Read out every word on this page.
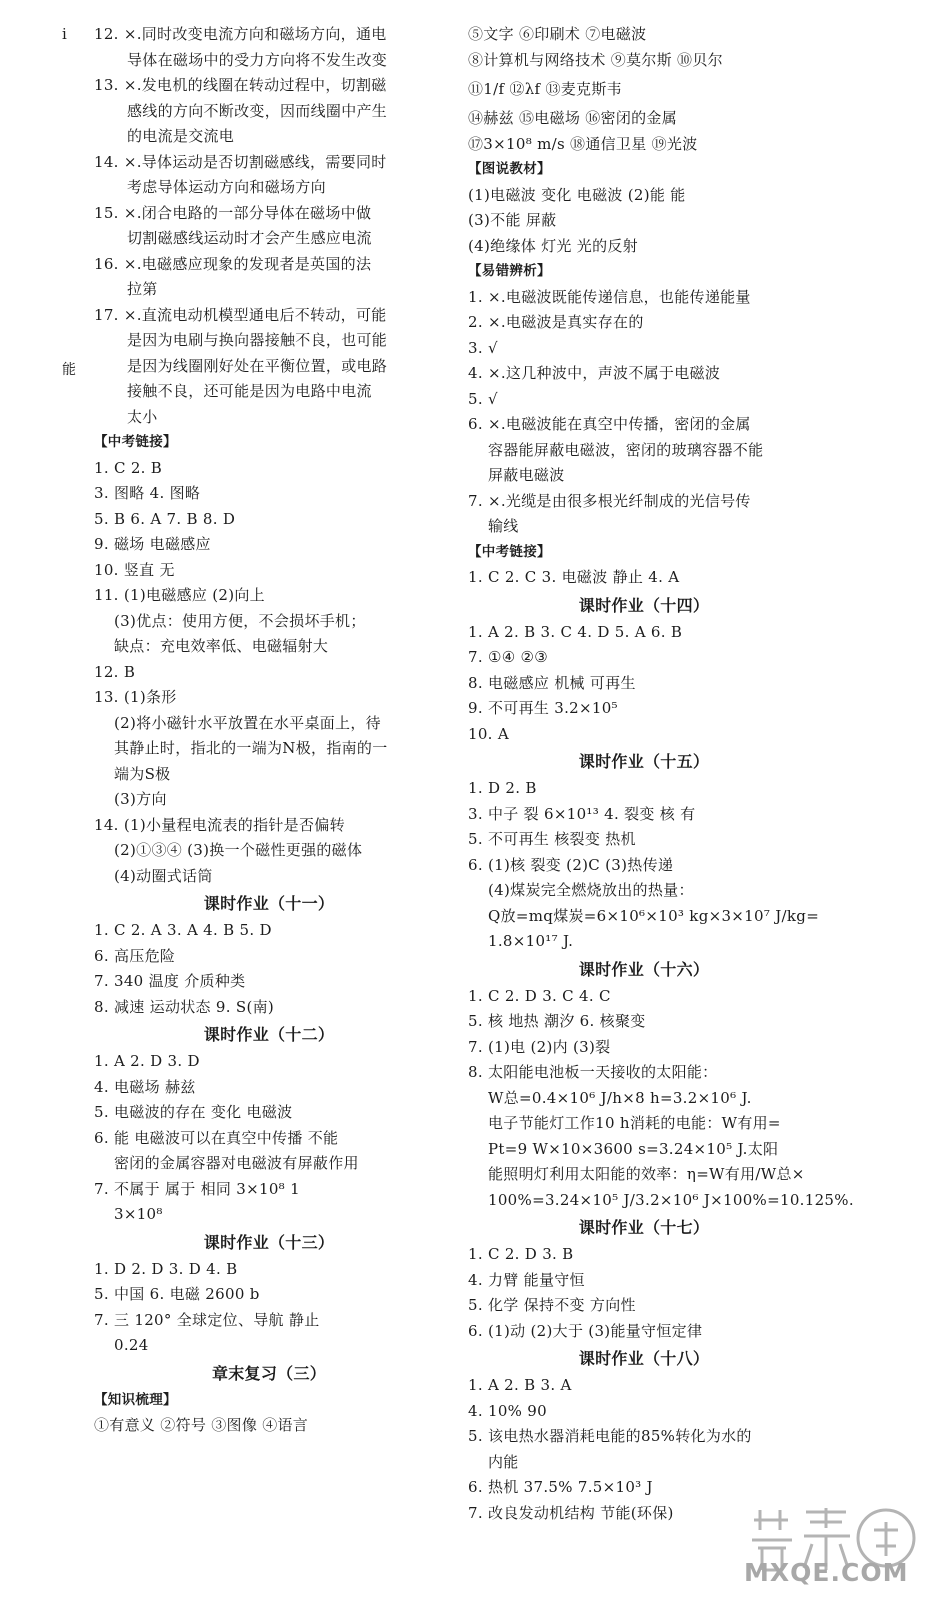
i
能
12. ×.同时改变电流方向和磁场方向，通电
导体在磁场中的受力方向将不发生改变
13. ×.发电机的线圈在转动过程中，切割磁
感线的方向不断改变，因而线圈中产生
的电流是交流电
14. ×.导体运动是否切割磁感线，需要同时
考虑导体运动方向和磁场方向
15. ×.闭合电路的一部分导体在磁场中做
切割磁感线运动时才会产生感应电流
16. ×.电磁感应现象的发现者是英国的法
拉第
17. ×.直流电动机模型通电后不转动，可能
是因为电刷与换向器接触不良，也可能
是因为线圈刚好处在平衡位置，或电路
接触不良，还可能是因为电路中电流
太小
【中考链接】
1. C 2. B
3. 图略 4. 图略
5. B 6. A 7. B 8. D
9. 磁场 电磁感应
10. 竖直 无
11. (1)电磁感应 (2)向上
(3)优点：使用方便，不会损坏手机；
缺点：充电效率低、电磁辐射大
12. B
13. (1)条形
(2)将小磁针水平放置在水平桌面上，待
其静止时，指北的一端为N极，指南的一
端为S极
(3)方向
14. (1)小量程电流表的指针是否偏转
(2)①③④ (3)换一个磁性更强的磁体
(4)动圈式话筒
课时作业（十一）
1. C 2. A 3. A 4. B 5. D
6. 高压危险
7. 340 温度 介质种类
8. 减速 运动状态 9. S(南)
课时作业（十二）
1. A 2. D 3. D
4. 电磁场 赫兹
5. 电磁波的存在 变化 电磁波
6. 能 电磁波可以在真空中传播 不能
密闭的金属容器对电磁波有屏蔽作用
7. 不属于 属于 相同 3×10⁸ 1
3×10⁸
课时作业（十三）
1. D 2. D 3. D 4. B
5. 中国 6. 电磁 2600 b
7. 三 120° 全球定位、导航 静止
0.24
章末复习（三）
【知识梳理】
①有意义 ②符号 ③图像 ④语言
⑤文字 ⑥印刷术 ⑦电磁波
⑧计算机与网络技术 ⑨莫尔斯 ⑩贝尔
⑪1/f ⑫λf ⑬麦克斯韦
⑭赫兹 ⑮电磁场 ⑯密闭的金属
⑰3×10⁸ m/s ⑱通信卫星 ⑲光波
【图说教材】
(1)电磁波 变化 电磁波 (2)能 能
(3)不能 屏蔽
(4)绝缘体 灯光 光的反射
【易错辨析】
1. ×.电磁波既能传递信息，也能传递能量
2. ×.电磁波是真实存在的
3. √
4. ×.这几种波中，声波不属于电磁波
5. √
6. ×.电磁波能在真空中传播，密闭的金属
容器能屏蔽电磁波，密闭的玻璃容器不能
屏蔽电磁波
7. ×.光缆是由很多根光纤制成的光信号传
输线
【中考链接】
1. C 2. C 3. 电磁波 静止 4. A
课时作业（十四）
1. A 2. B 3. C 4. D 5. A 6. B
7. ①④ ②③
8. 电磁感应 机械 可再生
9. 不可再生 3.2×10⁵
10. A
课时作业（十五）
1. D 2. B
3. 中子 裂 6×10¹³ 4. 裂变 核 有
5. 不可再生 核裂变 热机
6. (1)核 裂变 (2)C (3)热传递
(4)煤炭完全燃烧放出的热量：
Q放=mq煤炭=6×10⁶×10³ kg×3×10⁷ J/kg=
1.8×10¹⁷ J.
课时作业（十六）
1. C 2. D 3. C 4. C
5. 核 地热 潮汐 6. 核聚变
7. (1)电 (2)内 (3)裂
8. 太阳能电池板一天接收的太阳能：
W总=0.4×10⁶ J/h×8 h=3.2×10⁶ J.
电子节能灯工作10 h消耗的电能：W有用=
Pt=9 W×10×3600 s=3.24×10⁵ J.太阳
能照明灯利用太阳能的效率：η=W有用/W总×
100%=3.24×10⁵ J/3.2×10⁶ J×100%=10.125%.
课时作业（十七）
1. C 2. D 3. B
4. 力臂 能量守恒
5. 化学 保持不变 方向性
6. (1)动 (2)大于 (3)能量守恒定律
课时作业（十八）
1. A 2. B 3. A
4. 10% 90
5. 该电热水器消耗电能的85%转化为水的
内能
6. 热机 37.5% 7.5×10³ J
7. 改良发动机结构 节能(环保)
MXQE.COM
